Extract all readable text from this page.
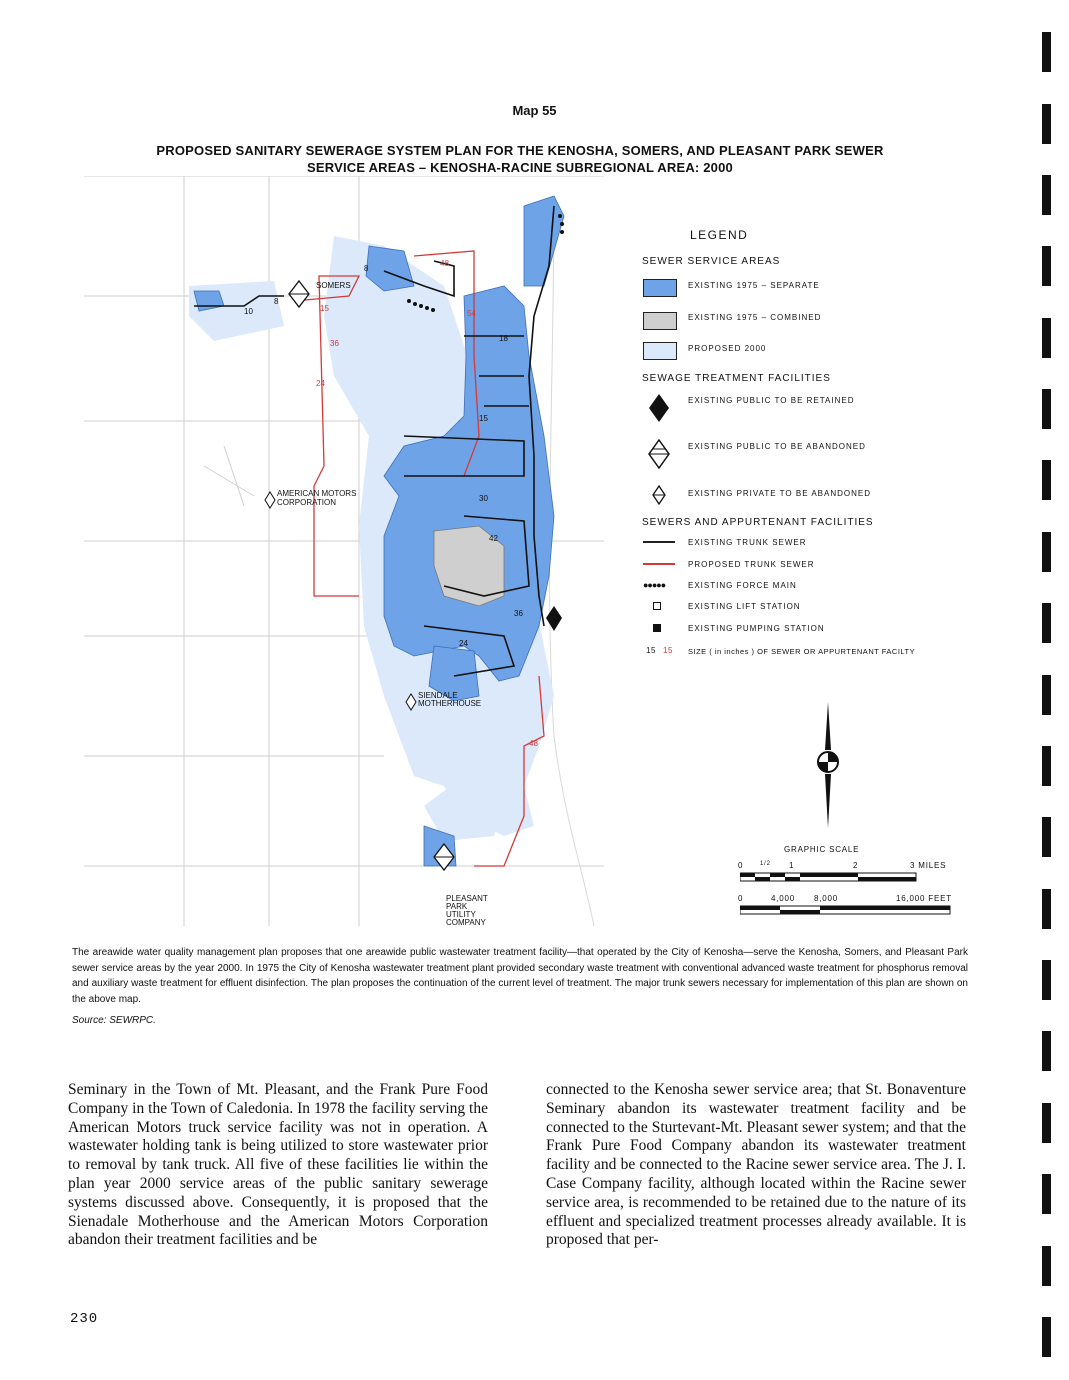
Map 55
PROPOSED SANITARY SEWERAGE SYSTEM PLAN FOR THE KENOSHA, SOMERS, AND PLEASANT PARK SEWER
SERVICE AREAS – KENOSHA-RACINE SUBREGIONAL AREA: 2000
10
8
8
18
15
30
42
36
24
15
36
24
48
54
48
SOMERS
AMERICAN MOTORS
CORPORATION
SIENDALE
MOTHERHOUSE
PLEASANT
PARK
UTILITY
COMPANY
LEGEND
SEWER SERVICE AREAS
EXISTING 1975 – SEPARATE
EXISTING 1975 – COMBINED
PROPOSED 2000
SEWAGE TREATMENT FACILITIES
EXISTING PUBLIC TO BE RETAINED
EXISTING PUBLIC TO BE ABANDONED
EXISTING PRIVATE TO BE ABANDONED
SEWERS AND APPURTENANT FACILITIES
EXISTING TRUNK SEWER
PROPOSED TRUNK SEWER
●●●●●	EXISTING FORCE MAIN
EXISTING LIFT STATION
EXISTING PUMPING STATION
15 15 SIZE ( in inches ) OF SEWER OR APPURTENANT FACILTY
GRAPHIC SCALE
0	1/2 1	2	3 MILES
0	4,000 8,000	16,000 FEET
The areawide water quality management plan proposes that one areawide public wastewater treatment facility—that operated by the City of Kenosha—serve the Kenosha, Somers, and Pleasant Park sewer service areas by the year 2000. In 1975 the City of Kenosha wastewater treatment plant provided secondary waste treatment with conventional advanced waste treatment for phosphorus removal and auxiliary waste treatment for effluent disinfection. The plan proposes the continuation of the current level of treatment. The major trunk sewers necessary for implementation of this plan are shown on the above map.
Source: SEWRPC.
Seminary in the Town of Mt. Pleasant, and the Frank Pure Food Company in the Town of Caledonia. In 1978 the facility serving the American Motors truck service facility was not in operation. A wastewater holding tank is being utilized to store wastewater prior to removal by tank truck. All five of these facilities lie within the plan year 2000 service areas of the public sanitary sewerage systems discussed above. Consequently, it is proposed that the Sienadale Motherhouse and the American Motors Corporation abandon their treatment facilities and be
connected to the Kenosha sewer service area; that St. Bonaventure Seminary abandon its wastewater treatment facility and be connected to the Sturtevant-Mt. Pleasant sewer system; and that the Frank Pure Food Company abandon its wastewater treatment facility and be connected to the Racine sewer service area. The J. I. Case Company facility, although located within the Racine sewer service area, is recommended to be retained due to the nature of its effluent and specialized treatment processes already available. It is proposed that per-
230
